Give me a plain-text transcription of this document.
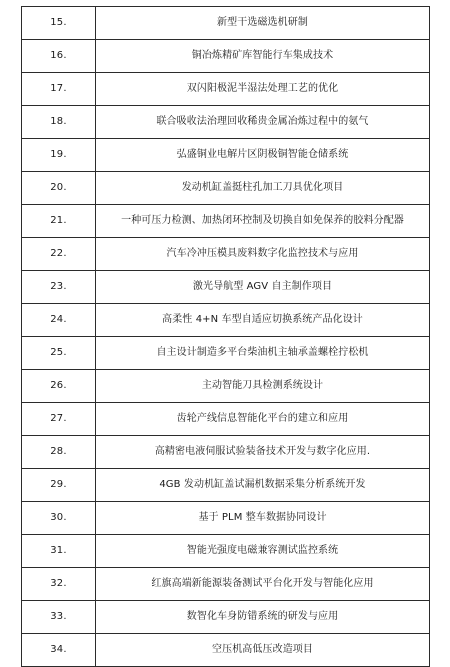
15.	新型干选磁选机研制
16.	铜冶炼精矿库智能行车集成技术
17.	双闪阳极泥半湿法处理工艺的优化
18.	联合吸收法治理回收稀贵金属冶炼过程中的氨气
19.	弘盛铜业电解片区阴极铜智能仓储系统
20.	发动机缸盖挺柱孔加工刀具优化项目
21.	一种可压力检测、加热闭环控制及切换自如免保养的胶料分配器
22.	汽车冷冲压模具废料数字化监控技术与应用
23.	激光导航型 AGV 自主制作项目
24.	高柔性 4+N 车型自适应切换系统产品化设计
25.	自主设计制造多平台柴油机主轴承盖螺栓拧松机
26.	主动智能刀具检测系统设计
27.	齿轮产线信息智能化平台的建立和应用
28.	高精密电液伺服试验装备技术开发与数字化应用.
29.	4GB 发动机缸盖试漏机数据采集分析系统开发
30.	基于 PLM 整车数据协同设计
31.	智能光强度电磁兼容测试监控系统
32.	红旗高端新能源装备测试平台化开发与智能化应用
33.	数智化车身防错系统的研发与应用
34.	空压机高低压改造项目
